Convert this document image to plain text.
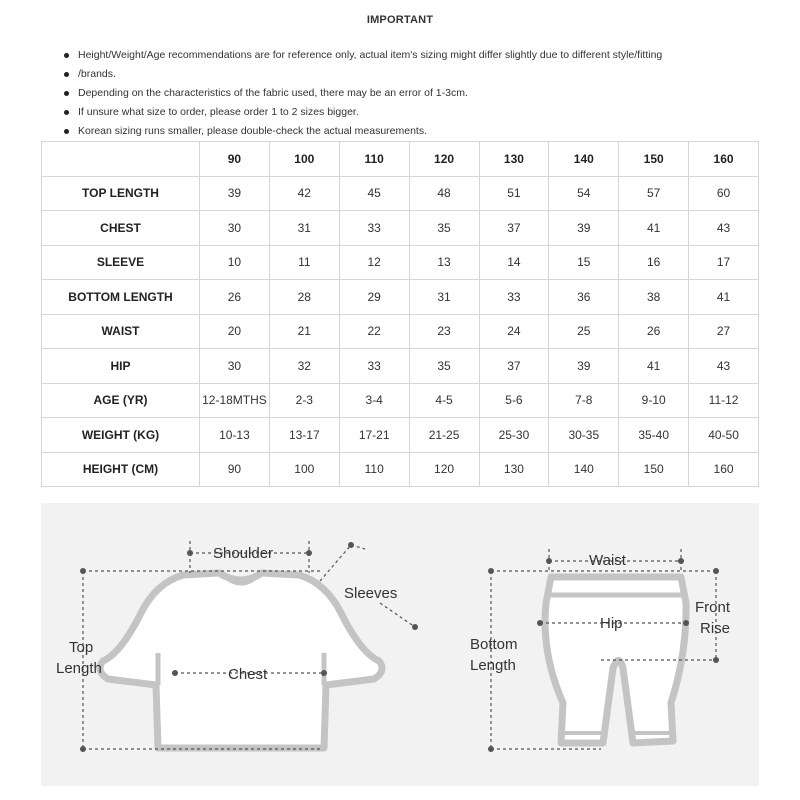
IMPORTANT
Height/Weight/Age recommendations are for reference only, actual item's sizing might differ slightly due to different style/fitting
/brands.
Depending on the characteristics of the fabric used, there may be an error of 1-3cm.
If unsure what size to order, please order 1 to 2 sizes bigger.
Korean sizing runs smaller, please double-check the actual measurements.
	90	100	110	120	130	140	150	160
TOP LENGTH	39	42	45	48	51	54	57	60
CHEST	30	31	33	35	37	39	41	43
SLEEVE	10	11	12	13	14	15	16	17
BOTTOM LENGTH	26	28	29	31	33	36	38	41
WAIST	20	21	22	23	24	25	26	27
HIP	30	32	33	35	37	39	41	43
AGE (YR)	12-18MTHS	2-3	3-4	4-5	5-6	7-8	9-10	11-12
WEIGHT (KG)	10-13	13-17	17-21	21-25	25-30	30-35	35-40	40-50
HEIGHT (CM)	90	100	110	120	130	140	150	160
Shoulder
Sleeves
Top
Length	Chest
Waist
Hip
Front
Rise
Bottom
Length
